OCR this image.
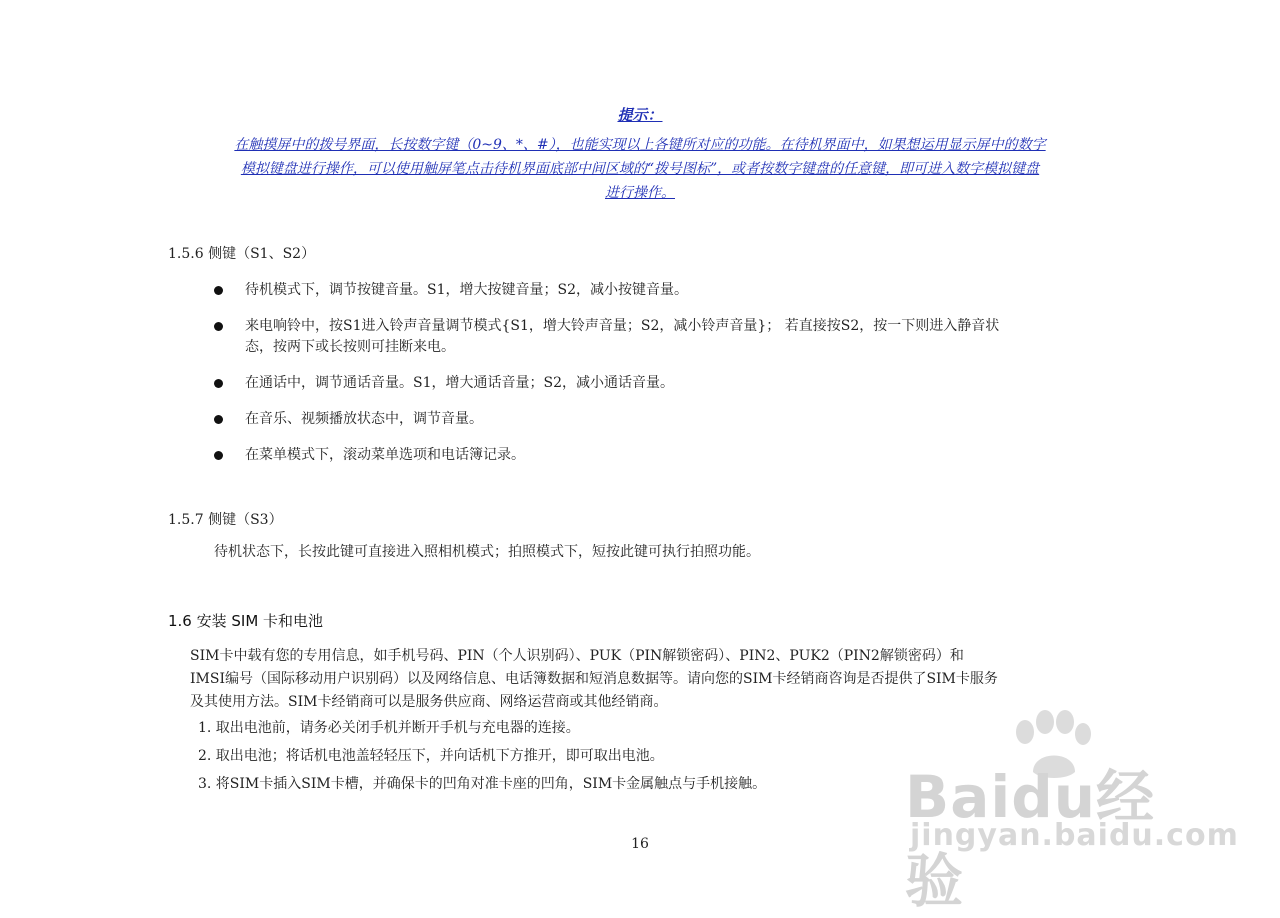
提示：
在触摸屏中的拨号界面，长按数字键（0~9、*、#），也能实现以上各键所对应的功能。在待机界面中，如果想运用显示屏中的数字
模拟键盘进行操作，可以使用触屏笔点击待机界面底部中间区域的“拨号图标”，或者按数字键盘的任意键，即可进入数字模拟键盘
进行操作。
1.5.6 侧键（S1、S2）
待机模式下，调节按键音量。S1，增大按键音量；S2，减小按键音量。
来电响铃中，按S1进入铃声音量调节模式{S1，增大铃声音量；S2，减小铃声音量}； 若直接按S2，按一下则进入静音状
态，按两下或长按则可挂断来电。
在通话中，调节通话音量。S1，增大通话音量；S2，减小通话音量。
在音乐、视频播放状态中，调节音量。
在菜单模式下，滚动菜单选项和电话簿记录。
1.5.7 侧键（S3）
待机状态下，长按此键可直接进入照相机模式；拍照模式下，短按此键可执行拍照功能。
1.6 安装 SIM 卡和电池
SIM卡中载有您的专用信息，如手机号码、PIN（个人识别码）、PUK（PIN解锁密码）、PIN2、PUK2（PIN2解锁密码）和
IMSI编号（国际移动用户识别码）以及网络信息、电话簿数据和短消息数据等。请向您的SIM卡经销商咨询是否提供了SIM卡服务
及其使用方法。SIM卡经销商可以是服务供应商、网络运营商或其他经销商。
1. 取出电池前，请务必关闭手机并断开手机与充电器的连接。
2. 取出电池；将话机电池盖轻轻压下，并向话机下方推开，即可取出电池。
3. 将SIM卡插入SIM卡槽，并确保卡的凹角对准卡座的凹角，SIM卡金属触点与手机接触。
16
Baidu经验
jingyan.baidu.com
